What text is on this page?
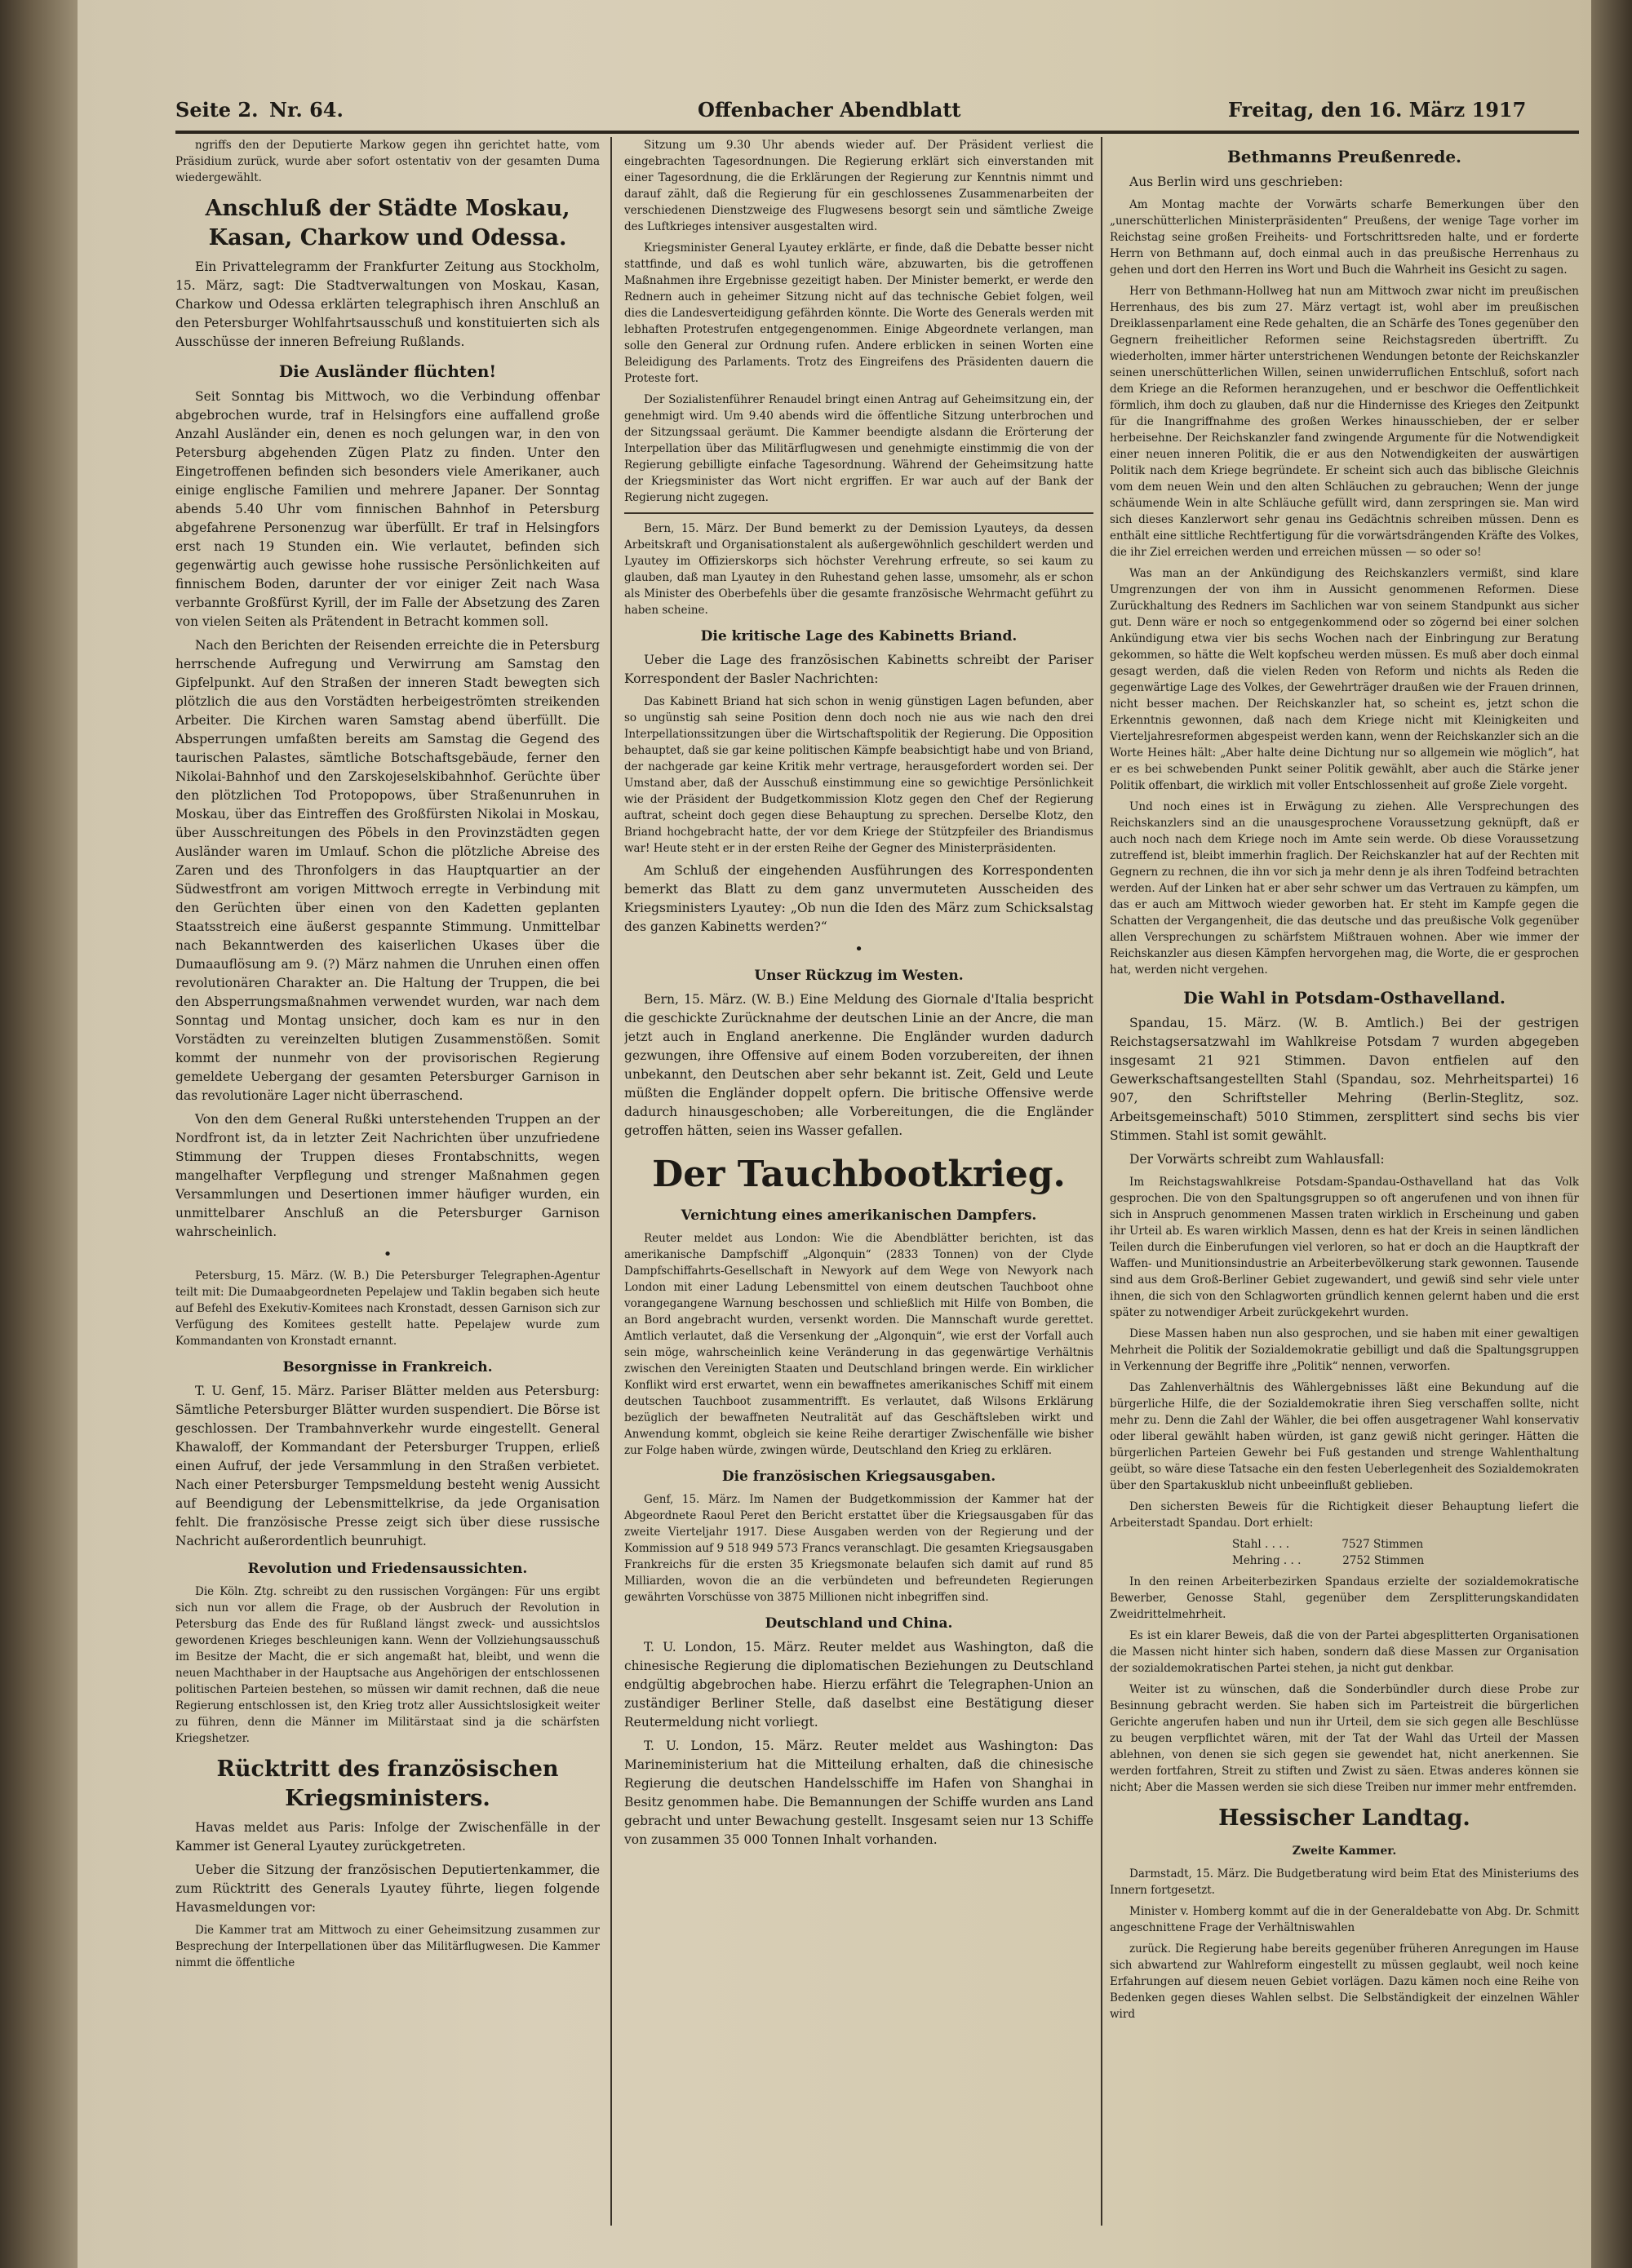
Seite 2. Nr. 64.	Offenbacher Abendblatt	Freitag, den 16. März 1917

ngriffs den der Deputierte Markow gegen ihn gerichtet hatte, vom Präsidium zurück, wurde aber sofort ostentativ von der gesamten Duma wiedergewählt.

Anschluß der Städte Moskau, Kasan, Charkow und Odessa.

Ein Privattelegramm der Frankfurter Zeitung aus Stockholm, 15. März, sagt: Die Stadtverwaltungen von Moskau, Kasan, Charkow und Odessa erklärten telegraphisch ihren Anschluß an den Petersburger Wohlfahrtsausschuß und konstituierten sich als Ausschüsse der inneren Befreiung Rußlands.

Die Ausländer flüchten!

Seit Sonntag bis Mittwoch, wo die Verbindung offenbar abgebrochen wurde, traf in Helsingfors eine auffallend große Anzahl Ausländer ein, denen es noch gelungen war, in den von Petersburg abgehenden Zügen Platz zu finden. Unter den Eingetroffenen befinden sich besonders viele Amerikaner, auch einige englische Familien und mehrere Japaner. Der Sonntag abends 5.40 Uhr vom finnischen Bahnhof in Petersburg abgefahrene Personenzug war überfüllt. Er traf in Helsingfors erst nach 19 Stunden ein. Wie verlautet, befinden sich gegenwärtig auch gewisse hohe russische Persönlichkeiten auf finnischem Boden, darunter der vor einiger Zeit nach Wasa verbannte Großfürst Kyrill, der im Falle der Absetzung des Zaren von vielen Seiten als Prätendent in Betracht kommen soll.

Nach den Berichten der Reisenden erreichte die in Petersburg herrschende Aufregung und Verwirrung am Samstag den Gipfelpunkt. Auf den Straßen der inneren Stadt bewegten sich plötzlich die aus den Vorstädten herbeigeströmten streikenden Arbeiter. Die Kirchen waren Samstag abend überfüllt. Die Absperrungen umfaßten bereits am Samstag die Gegend des taurischen Palastes, sämtliche Botschaftsgebäude, ferner den Nikolai-Bahnhof und den Zarskojeselskibahnhof. Gerüchte über den plötzlichen Tod Protopopows, über Straßenunruhen in Moskau, über das Eintreffen des Großfürsten Nikolai in Moskau, über Ausschreitungen des Pöbels in den Provinzstädten gegen Ausländer waren im Umlauf. Schon die plötzliche Abreise des Zaren und des Thronfolgers in das Hauptquartier an der Südwestfront am vorigen Mittwoch erregte in Verbindung mit den Gerüchten über einen von den Kadetten geplanten Staatsstreich eine äußerst gespannte Stimmung. Unmittelbar nach Bekanntwerden des kaiserlichen Ukases über die Dumaauflösung am 9. (?) März nahmen die Unruhen einen offen revolutionären Charakter an. Die Haltung der Truppen, die bei den Absperrungsmaßnahmen verwendet wurden, war nach dem Sonntag und Montag unsicher, doch kam es nur in den Vorstädten zu vereinzelten blutigen Zusammenstößen. Somit kommt der nunmehr von der provisorischen Regierung gemeldete Uebergang der gesamten Petersburger Garnison in das revolutionäre Lager nicht überraschend.

Von den dem General Rußki unterstehenden Truppen an der Nordfront ist, da in letzter Zeit Nachrichten über unzufriedene Stimmung der Truppen dieses Frontabschnitts, wegen mangelhafter Verpflegung und strenger Maßnahmen gegen Versammlungen und Desertionen immer häufiger wurden, ein unmittelbarer Anschluß an die Petersburger Garnison wahrscheinlich.

•

Petersburg, 15. März. (W. B.) Die Petersburger Telegraphen-Agentur teilt mit: Die Dumaabgeordneten Pepelajew und Taklin begaben sich heute auf Befehl des Exekutiv-Komitees nach Kronstadt, dessen Garnison sich zur Verfügung des Komitees gestellt hatte. Pepelajew wurde zum Kommandanten von Kronstadt ernannt.

Besorgnisse in Frankreich.

T. U. Genf, 15. März. Pariser Blätter melden aus Petersburg: Sämtliche Petersburger Blätter wurden suspendiert. Die Börse ist geschlossen. Der Trambahnverkehr wurde eingestellt. General Khawaloff, der Kommandant der Petersburger Truppen, erließ einen Aufruf, der jede Versammlung in den Straßen verbietet. Nach einer Petersburger Tempsmeldung besteht wenig Aussicht auf Beendigung der Lebensmittelkrise, da jede Organisation fehlt. Die französische Presse zeigt sich über diese russische Nachricht außerordentlich beunruhigt.

Revolution und Friedensaussichten.

Die Köln. Ztg. schreibt zu den russischen Vorgängen: Für uns ergibt sich nun vor allem die Frage, ob der Ausbruch der Revolution in Petersburg das Ende des für Rußland längst zweck- und aussichtslos gewordenen Krieges beschleunigen kann. Wenn der Vollziehungsausschuß im Besitze der Macht, die er sich angemaßt hat, bleibt, und wenn die neuen Machthaber in der Hauptsache aus Angehörigen der entschlossenen politischen Parteien bestehen, so müssen wir damit rechnen, daß die neue Regierung entschlossen ist, den Krieg trotz aller Aussichtslosigkeit weiter zu führen, denn die Männer im Militärstaat sind ja die schärfsten Kriegshetzer.

Rücktritt des französischen Kriegsministers.

Havas meldet aus Paris: Infolge der Zwischenfälle in der Kammer ist General Lyautey zurückgetreten.

Ueber die Sitzung der französischen Deputiertenkammer, die zum Rücktritt des Generals Lyautey führte, liegen folgende Havasmeldungen vor:

Die Kammer trat am Mittwoch zu einer Geheimsitzung zusammen zur Besprechung der Interpellationen über das Militärflugwesen. Die Kammer nimmt die öffentliche

Sitzung um 9.30 Uhr abends wieder auf. Der Präsident verliest die eingebrachten Tagesordnungen. Die Regierung erklärt sich einverstanden mit einer Tagesordnung, die die Erklärungen der Regierung zur Kenntnis nimmt und darauf zählt, daß die Regierung für ein geschlossenes Zusammenarbeiten der verschiedenen Dienstzweige des Flugwesens besorgt sein und sämtliche Zweige des Luftkrieges intensiver ausgestalten wird.

Kriegsminister General Lyautey erklärte, er finde, daß die Debatte besser nicht stattfinde, und daß es wohl tunlich wäre, abzuwarten, bis die getroffenen Maßnahmen ihre Ergebnisse gezeitigt haben. Der Minister bemerkt, er werde den Rednern auch in geheimer Sitzung nicht auf das technische Gebiet folgen, weil dies die Landesverteidigung gefährden könnte. Die Worte des Generals werden mit lebhaften Protestrufen entgegengenommen. Einige Abgeordnete verlangen, man solle den General zur Ordnung rufen. Andere erblicken in seinen Worten eine Beleidigung des Parlaments. Trotz des Eingreifens des Präsidenten dauern die Proteste fort.

Der Sozialistenführer Renaudel bringt einen Antrag auf Geheimsitzung ein, der genehmigt wird. Um 9.40 abends wird die öffentliche Sitzung unterbrochen und der Sitzungssaal geräumt. Die Kammer beendigte alsdann die Erörterung der Interpellation über das Militärflugwesen und genehmigte einstimmig die von der Regierung gebilligte einfache Tagesordnung. Während der Geheimsitzung hatte der Kriegsminister das Wort nicht ergriffen. Er war auch auf der Bank der Regierung nicht zugegen.

Bern, 15. März. Der Bund bemerkt zu der Demission Lyauteys, da dessen Arbeitskraft und Organisationstalent als außergewöhnlich geschildert werden und Lyautey im Offizierskorps sich höchster Verehrung erfreute, so sei kaum zu glauben, daß man Lyautey in den Ruhestand gehen lasse, umsomehr, als er schon als Minister des Oberbefehls über die gesamte französische Wehrmacht geführt zu haben scheine.

Die kritische Lage des Kabinetts Briand.

Ueber die Lage des französischen Kabinetts schreibt der Pariser Korrespondent der Basler Nachrichten:

Das Kabinett Briand hat sich schon in wenig günstigen Lagen befunden, aber so ungünstig sah seine Position denn doch noch nie aus wie nach den drei Interpellationssitzungen über die Wirtschaftspolitik der Regierung. Die Opposition behauptet, daß sie gar keine politischen Kämpfe beabsichtigt habe und von Briand, der nachgerade gar keine Kritik mehr vertrage, herausgefordert worden sei. Der Umstand aber, daß der Ausschuß einstimmung eine so gewichtige Persönlichkeit wie der Präsident der Budgetkommission Klotz gegen den Chef der Regierung auftrat, scheint doch gegen diese Behauptung zu sprechen. Derselbe Klotz, den Briand hochgebracht hatte, der vor dem Kriege der Stützpfeiler des Briandismus war! Heute steht er in der ersten Reihe der Gegner des Ministerpräsidenten.

Am Schluß der eingehenden Ausführungen des Korrespondenten bemerkt das Blatt zu dem ganz unvermuteten Ausscheiden des Kriegsministers Lyautey: „Ob nun die Iden des März zum Schicksalstag des ganzen Kabinetts werden?“

•
Unser Rückzug im Westen.

Bern, 15. März. (W. B.) Eine Meldung des Giornale d'Italia bespricht die geschickte Zurücknahme der deutschen Linie an der Ancre, die man jetzt auch in England anerkenne. Die Engländer wurden dadurch gezwungen, ihre Offensive auf einem Boden vorzubereiten, der ihnen unbekannt, den Deutschen aber sehr bekannt ist. Zeit, Geld und Leute müßten die Engländer doppelt opfern. Die britische Offensive werde dadurch hinausgeschoben; alle Vorbereitungen, die die Engländer getroffen hätten, seien ins Wasser gefallen.

Der Tauchbootkrieg.
Vernichtung eines amerikanischen Dampfers.

Reuter meldet aus London: Wie die Abendblätter berichten, ist das amerikanische Dampfschiff „Algonquin“ (2833 Tonnen) von der Clyde Dampfschiffahrts-Gesellschaft in Newyork auf dem Wege von Newyork nach London mit einer Ladung Lebensmittel von einem deutschen Tauchboot ohne vorangegangene Warnung beschossen und schließlich mit Hilfe von Bomben, die an Bord angebracht wurden, versenkt worden. Die Mannschaft wurde gerettet. Amtlich verlautet, daß die Versenkung der „Algonquin“, wie erst der Vorfall auch sein möge, wahrscheinlich keine Veränderung in das gegenwärtige Verhältnis zwischen den Vereinigten Staaten und Deutschland bringen werde. Ein wirklicher Konflikt wird erst erwartet, wenn ein bewaffnetes amerikanisches Schiff mit einem deutschen Tauchboot zusammentrifft. Es verlautet, daß Wilsons Erklärung bezüglich der bewaffneten Neutralität auf das Geschäftsleben wirkt und Anwendung kommt, obgleich sie keine Reihe derartiger Zwischenfälle wie bisher zur Folge haben würde, zwingen würde, Deutschland den Krieg zu erklären.

Die französischen Kriegsausgaben.

Genf, 15. März. Im Namen der Budgetkommission der Kammer hat der Abgeordnete Raoul Peret den Bericht erstattet über die Kriegsausgaben für das zweite Vierteljahr 1917. Diese Ausgaben werden von der Regierung und der Kommission auf 9 518 949 573 Francs veranschlagt. Die gesamten Kriegsausgaben Frankreichs für die ersten 35 Kriegsmonate belaufen sich damit auf rund 85 Milliarden, wovon die an die verbündeten und befreundeten Regierungen gewährten Vorschüsse von 3875 Millionen nicht inbegriffen sind.

Deutschland und China.

T. U. London, 15. März. Reuter meldet aus Washington, daß die chinesische Regierung die diplomatischen Beziehungen zu Deutschland endgültig abgebrochen habe. Hierzu erfährt die Telegraphen-Union an zuständiger Berliner Stelle, daß daselbst eine Bestätigung dieser Reutermeldung nicht vorliegt.

T. U. London, 15. März. Reuter meldet aus Washington: Das Marineministerium hat die Mitteilung erhalten, daß die chinesische Regierung die deutschen Handelsschiffe im Hafen von Shanghai in Besitz genommen habe. Die Bemannungen der Schiffe wurden ans Land gebracht und unter Bewachung gestellt. Insgesamt seien nur 13 Schiffe von zusammen 35 000 Tonnen Inhalt vorhanden.

Bethmanns Preußenrede.

Aus Berlin wird uns geschrieben:

Am Montag machte der Vorwärts scharfe Bemerkungen über den „unerschütterlichen Ministerpräsidenten“ Preußens, der wenige Tage vorher im Reichstag seine großen Freiheits- und Fortschrittsreden halte, und er forderte Herrn von Bethmann auf, doch einmal auch in das preußische Herrenhaus zu gehen und dort den Herren ins Wort und Buch die Wahrheit ins Gesicht zu sagen.

Herr von Bethmann-Hollweg hat nun am Mittwoch zwar nicht im preußischen Herrenhaus, des bis zum 27. März vertagt ist, wohl aber im preußischen Dreiklassenparlament eine Rede gehalten, die an Schärfe des Tones gegenüber den Gegnern freiheitlicher Reformen seine Reichstagsreden übertrifft. Zu wiederholten, immer härter unterstrichenen Wendungen betonte der Reichskanzler seinen unerschütterlichen Willen, seinen unwiderruflichen Entschluß, sofort nach dem Kriege an die Reformen heranzugehen, und er beschwor die Oeffentlichkeit förmlich, ihm doch zu glauben, daß nur die Hindernisse des Krieges den Zeitpunkt für die Inangriffnahme des großen Werkes hinausschieben, der er selber herbeisehne. Der Reichskanzler fand zwingende Argumente für die Notwendigkeit einer neuen inneren Politik, die er aus den Notwendigkeiten der auswärtigen Politik nach dem Kriege begründete. Er scheint sich auch das biblische Gleichnis vom dem neuen Wein und den alten Schläuchen zu gebrauchen; Wenn der junge schäumende Wein in alte Schläuche gefüllt wird, dann zerspringen sie. Man wird sich dieses Kanzlerwort sehr genau ins Gedächtnis schreiben müssen. Denn es enthält eine sittliche Rechtfertigung für die vorwärtsdrängenden Kräfte des Volkes, die ihr Ziel erreichen werden und erreichen müssen — so oder so!

Was man an der Ankündigung des Reichskanzlers vermißt, sind klare Umgrenzungen der von ihm in Aussicht genommenen Reformen. Diese Zurückhaltung des Redners im Sachlichen war von seinem Standpunkt aus sicher gut. Denn wäre er noch so entgegenkommend oder so zögernd bei einer solchen Ankündigung etwa vier bis sechs Wochen nach der Einbringung zur Beratung gekommen, so hätte die Welt kopfscheu werden müssen. Es muß aber doch einmal gesagt werden, daß die vielen Reden von Reform und nichts als Reden die gegenwärtige Lage des Volkes, der Gewehrträger draußen wie der Frauen drinnen, nicht besser machen. Der Reichskanzler hat, so scheint es, jetzt schon die Erkenntnis gewonnen, daß nach dem Kriege nicht mit Kleinigkeiten und Vierteljahresreformen abgespeist werden kann, wenn der Reichskanzler sich an die Worte Heines hält: „Aber halte deine Dichtung nur so allgemein wie möglich“, hat er es bei schwebenden Punkt seiner Politik gewählt, aber auch die Stärke jener Politik offenbart, die wirklich mit voller Entschlossenheit auf große Ziele vorgeht.

Und noch eines ist in Erwägung zu ziehen. Alle Versprechungen des Reichskanzlers sind an die unausgesprochene Voraussetzung geknüpft, daß er auch noch nach dem Kriege noch im Amte sein werde. Ob diese Voraussetzung zutreffend ist, bleibt immerhin fraglich. Der Reichskanzler hat auf der Rechten mit Gegnern zu rechnen, die ihn vor sich ja mehr denn je als ihren Todfeind betrachten werden. Auf der Linken hat er aber sehr schwer um das Vertrauen zu kämpfen, um das er auch am Mittwoch wieder geworben hat. Er steht im Kampfe gegen die Schatten der Vergangenheit, die das deutsche und das preußische Volk gegenüber allen Versprechungen zu schärfstem Mißtrauen wohnen. Aber wie immer der Reichskanzler aus diesen Kämpfen hervorgehen mag, die Worte, die er gesprochen hat, werden nicht vergehen.

Die Wahl in Potsdam-Osthavelland.

Spandau, 15. März. (W. B. Amtlich.) Bei der gestrigen Reichstagsersatzwahl im Wahlkreise Potsdam 7 wurden abgegeben insgesamt 21 921 Stimmen. Davon entfielen auf den Gewerkschaftsangestellten Stahl (Spandau, soz. Mehrheitspartei) 16 907, den Schriftsteller Mehring (Berlin-Steglitz, soz. Arbeitsgemeinschaft) 5010 Stimmen, zersplittert sind sechs bis vier Stimmen. Stahl ist somit gewählt.

Der Vorwärts schreibt zum Wahlausfall:

Im Reichstagswahlkreise Potsdam-Spandau-Osthavelland hat das Volk gesprochen. Die von den Spaltungsgruppen so oft angerufenen und von ihnen für sich in Anspruch genommenen Massen traten wirklich in Erscheinung und gaben ihr Urteil ab. Es waren wirklich Massen, denn es hat der Kreis in seinen ländlichen Teilen durch die Einberufungen viel verloren, so hat er doch an die Hauptkraft der Waffen- und Munitionsindustrie an Arbeiterbevölkerung stark gewonnen. Tausende sind aus dem Groß-Berliner Gebiet zugewandert, und gewiß sind sehr viele unter ihnen, die sich von den Schlagworten gründlich kennen gelernt haben und die erst später zu notwendiger Arbeit zurückgekehrt wurden.

Diese Massen haben nun also gesprochen, und sie haben mit einer gewaltigen Mehrheit die Politik der Sozialdemokratie gebilligt und daß die Spaltungsgruppen in Verkennung der Begriffe ihre „Politik“ nennen, verworfen.

Das Zahlenverhältnis des Wählergebnisses läßt eine Bekundung auf die bürgerliche Hilfe, die der Sozialdemokratie ihren Sieg verschaffen sollte, nicht mehr zu. Denn die Zahl der Wähler, die bei offen ausgetragener Wahl konservativ oder liberal gewählt haben würden, ist ganz gewiß nicht geringer. Hätten die bürgerlichen Parteien Gewehr bei Fuß gestanden und strenge Wahlenthaltung geübt, so wäre diese Tatsache ein den festen Ueberlegenheit des Sozialdemokraten über den Spartakusklub nicht unbeeinflußt geblieben.

Den sichersten Beweis für die Richtigkeit dieser Behauptung liefert die Arbeiterstadt Spandau. Dort erhielt:

Stahl . . . .	7527 Stimmen
Mehring . . .	2752 Stimmen

In den reinen Arbeiterbezirken Spandaus erzielte der sozialdemokratische Bewerber, Genosse Stahl, gegenüber dem Zersplitterungskandidaten Zweidrittelmehrheit.

Es ist ein klarer Beweis, daß die von der Partei abgesplitterten Organisationen die Massen nicht hinter sich haben, sondern daß diese Massen zur Organisation der sozialdemokratischen Partei stehen, ja nicht gut denkbar.

Weiter ist zu wünschen, daß die Sonderbündler durch diese Probe zur Besinnung gebracht werden. Sie haben sich im Parteistreit die bürgerlichen Gerichte angerufen haben und nun ihr Urteil, dem sie sich gegen alle Beschlüsse zu beugen verpflichtet wären, mit der Tat der Wahl das Urteil der Massen ablehnen, von denen sie sich gegen sie gewendet hat, nicht anerkennen. Sie werden fortfahren, Streit zu stiften und Zwist zu säen. Etwas anderes können sie nicht; Aber die Massen werden sie sich diese Treiben nur immer mehr entfremden.

Hessischer Landtag.
Zweite Kammer.

Darmstadt, 15. März. Die Budgetberatung wird beim Etat des Ministeriums des Innern fortgesetzt.

Minister v. Homberg kommt auf die in der Generaldebatte von Abg. Dr. Schmitt angeschnittene Frage der Verhältniswahlen

zurück. Die Regierung habe bereits gegenüber früheren Anregungen im Hause sich abwartend zur Wahlreform eingestellt zu müssen geglaubt, weil noch keine Erfahrungen auf diesem neuen Gebiet vorlägen. Dazu kämen noch eine Reihe von Bedenken gegen dieses Wahlen selbst. Die Selbständigkeit der einzelnen Wähler wird
